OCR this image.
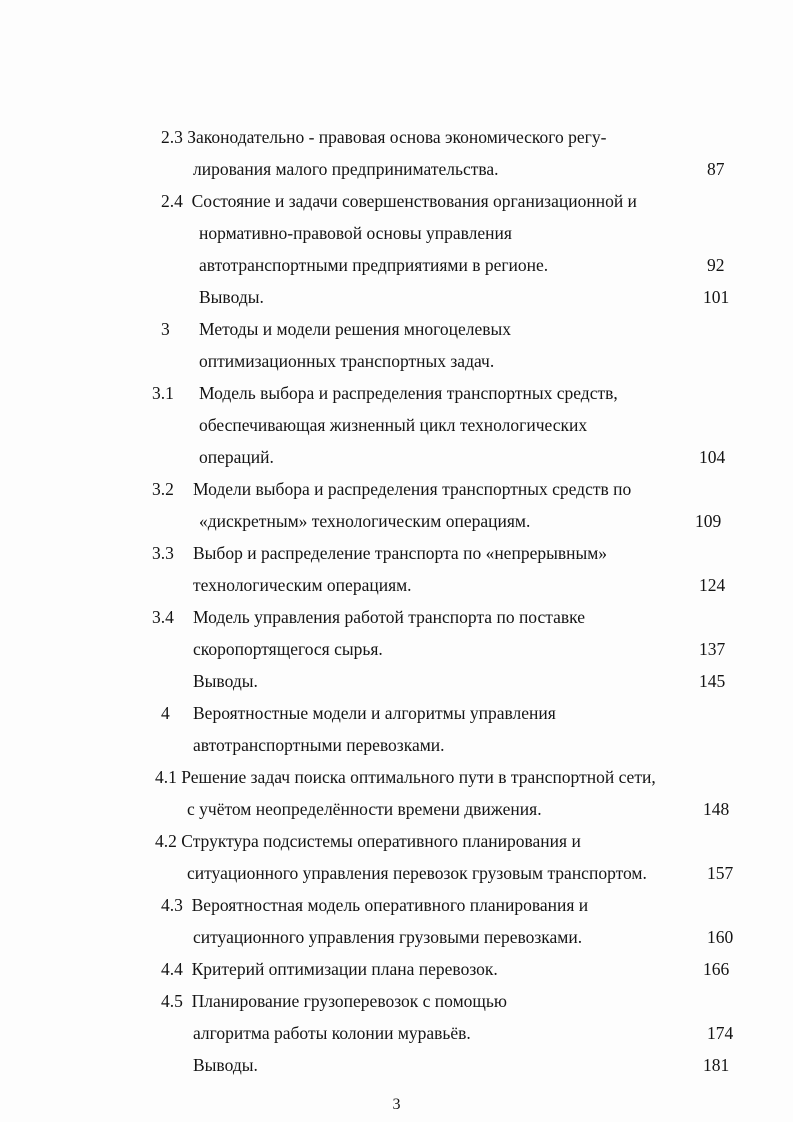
2.3 Законодательно - правовая основа экономического регу-
лирования малого предпринимательства.	87
2.4 Состояние и задачи совершенствования организационной и
нормативно-правовой основы управления
автотранспортными предприятиями в регионе.	92
Выводы.	101
3 Методы и модели решения многоцелевых
оптимизационных транспортных задач.
3.1 Модель выбора и распределения транспортных средств,
обеспечивающая жизненный цикл технологических
операций.	104
3.2 Модели выбора и распределения транспортных средств по
«дискретным» технологическим операциям.	109
3.3 Выбор и распределение транспорта по «непрерывным»
технологическим операциям.	124
3.4 Модель управления работой транспорта по поставке
скоропортящегося сырья.	137
Выводы.	145
4 Вероятностные модели и алгоритмы управления
автотранспортными перевозками.
4.1 Решение задач поиска оптимального пути в транспортной сети,
с учётом неопределённости времени движения.	148
4.2 Структура подсистемы оперативного планирования и
ситуационного управления перевозок грузовым транспортом.	157
4.3 Вероятностная модель оперативного планирования и
ситуационного управления грузовыми перевозками.	160
4.4 Критерий оптимизации плана перевозок.	166
4.5 Планирование грузоперевозок с помощью
алгоритма работы колонии муравьёв.	174
Выводы.	181
3
